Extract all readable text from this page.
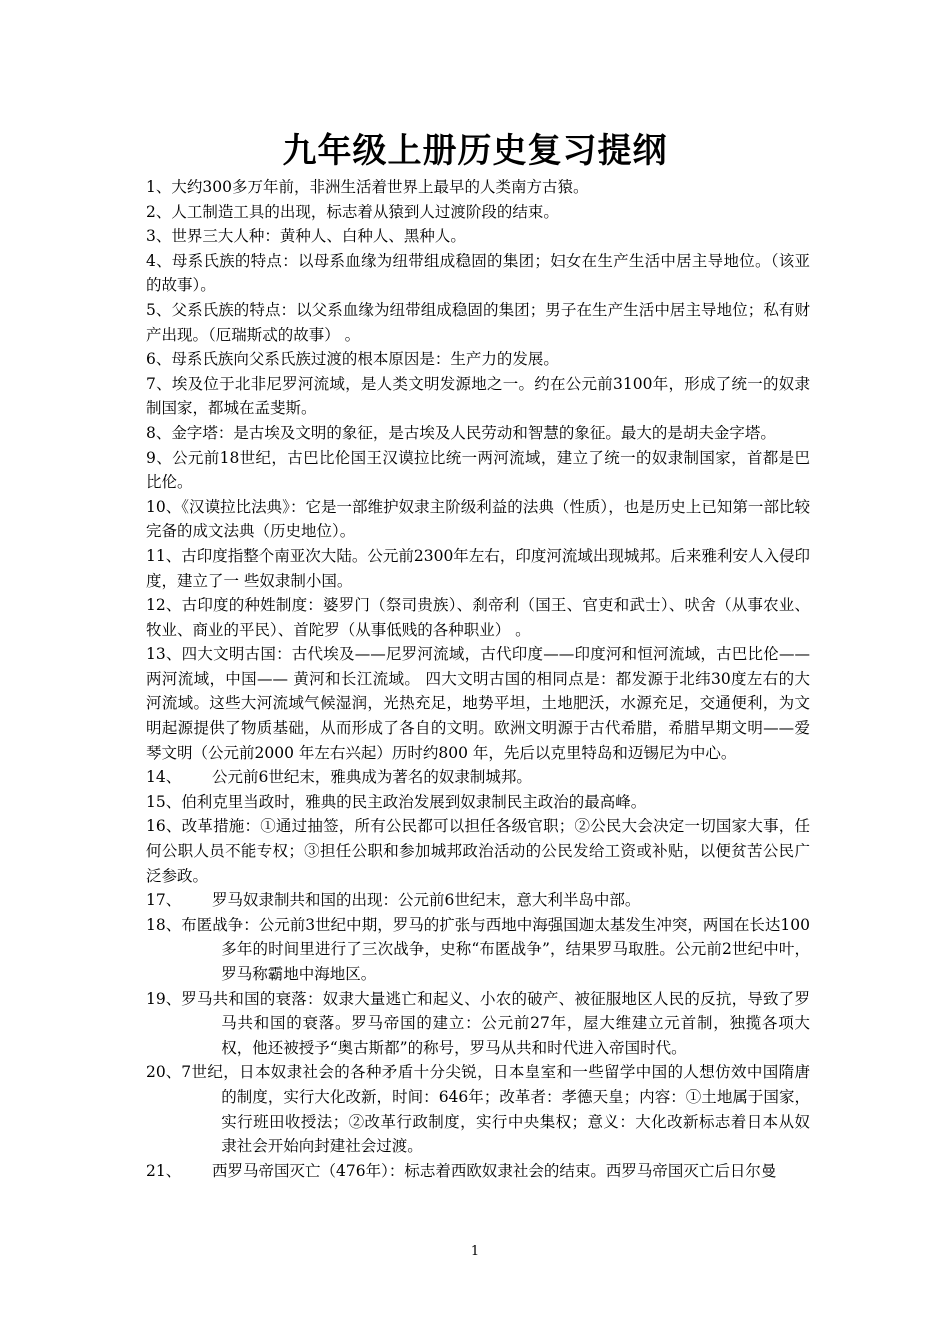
九年级上册历史复习提纲

1、大约300多万年前，非洲生活着世界上最早的人类南方古猿。

2、人工制造工具的出现，标志着从猿到人过渡阶段的结束。

3、世界三大人种：黄种人、白种人、黑种人。

4、母系氏族的特点：以母系血缘为纽带组成稳固的集团；妇女在生产生活中居主导地位。（该亚的故事）。

5、父系氏族的特点：以父系血缘为纽带组成稳固的集团；男子在生产生活中居主导地位；私有财产出现。（厄瑞斯忒的故事） 。

6、母系氏族向父系氏族过渡的根本原因是：生产力的发展。

7、埃及位于北非尼罗河流域，是人类文明发源地之一。约在公元前3100年，形成了统一的奴隶制国家，都城在孟斐斯。

8、金字塔：是古埃及文明的象征，是古埃及人民劳动和智慧的象征。最大的是胡夫金字塔。

9、公元前18世纪，古巴比伦国王汉谟拉比统一两河流域，建立了统一的奴隶制国家，首都是巴比伦。

10、《汉谟拉比法典》：它是一部维护奴隶主阶级利益的法典（性质），也是历史上已知第一部比较完备的成文法典（历史地位）。

11、古印度指整个南亚次大陆。公元前2300年左右，印度河流域出现城邦。后来雅利安人入侵印度，建立了一 些奴隶制小国。

12、古印度的种姓制度：婆罗门（祭司贵族）、刹帝利（国王、官吏和武士）、吠舍（从事农业、牧业、商业的平民）、首陀罗（从事低贱的各种职业） 。

13、四大文明古国：古代埃及——尼罗河流域，古代印度——印度河和恒河流域，古巴比伦——两河流域，中国—— 黄河和长江流域。 四大文明古国的相同点是：都发源于北纬30度左右的大河流域。这些大河流域气候湿润，光热充足，地势平坦，土地肥沃，水源充足，交通便利，为文明起源提供了物质基础，从而形成了各自的文明。欧洲文明源于古代希腊，希腊早期文明——爱琴文明（公元前2000 年左右兴起）历时约800 年，先后以克里特岛和迈锡尼为中心。

14、	公元前6世纪末，雅典成为著名的奴隶制城邦。

15、伯利克里当政时，雅典的民主政治发展到奴隶制民主政治的最高峰。

16、改革措施：①通过抽签，所有公民都可以担任各级官职；②公民大会决定一切国家大事，任何公职人员不能专权；③担任公职和参加城邦政治活动的公民发给工资或补贴，以便贫苦公民广泛参政。

17、	罗马奴隶制共和国的出现：公元前6世纪末，意大利半岛中部。
18、 布匿战争：公元前3世纪中期，罗马的扩张与西地中海强国迦太基发生冲突，两国在长达100多年的时间里进行了三次战争，史称“布匿战争”，结果罗马取胜。公元前2世纪中叶，罗马称霸地中海地区。
19、 罗马共和国的衰落：奴隶大量逃亡和起义、小农的破产、被征服地区人民的反抗，导致了罗马共和国的衰落。罗马帝国的建立：公元前27年，屋大维建立元首制，独揽各项大权，他还被授予“奥古斯都”的称号，罗马从共和时代进入帝国时代。
20、 7世纪，日本奴隶社会的各种矛盾十分尖锐，日本皇室和一些留学中国的人想仿效中国隋唐的制度，实行大化改新，时间：646年；改革者：孝德天皇；内容：①土地属于国家，实行班田收授法；②改革行政制度，实行中央集权；意义：大化改新标志着日本从奴隶社会开始向封建社会过渡。
21、	西罗马帝国灭亡（476年）：标志着西欧奴隶社会的结束。西罗马帝国灭亡后日尔曼
1
